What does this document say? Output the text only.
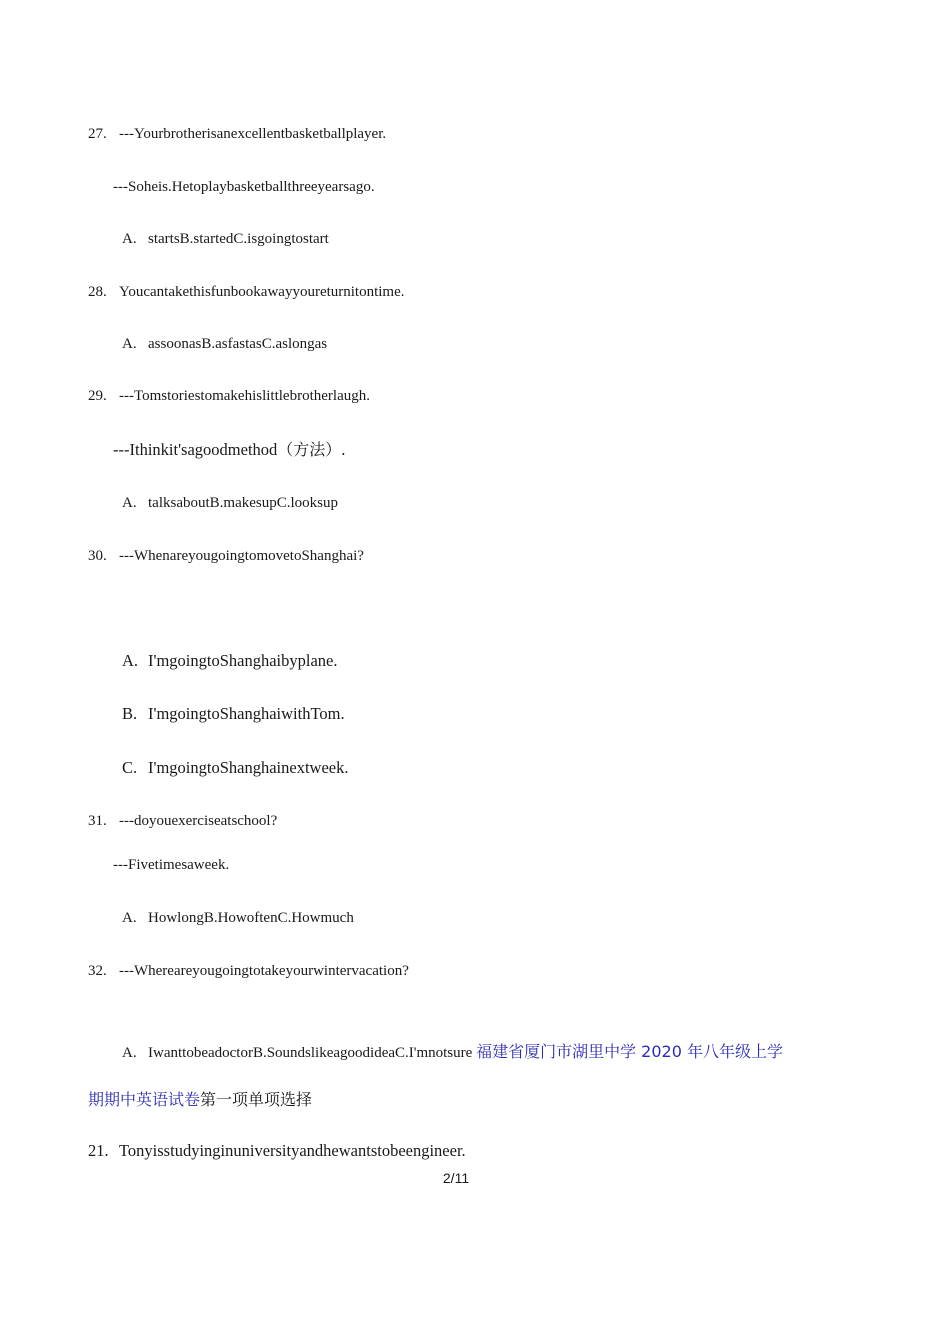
27. ---Yourbrotherisanexcellentbasketballplayer.
---Soheis.Hetoplaybasketballthreeyearsago.
A. startsB.startedC.isgoingtostart
28. Youcantakethisfunbookawayyoureturnitontime.
A. assoonasB.asfastasC.aslongas
29. ---Tomstoriestomakehislittlebrotherlaugh.
---Ithinkit'sagoodmethod（方法）.
A. talksaboutB.makesupC.looksup
30. ---WhenareyougoingtomovetoShanghai?
A. I'mgoingtoShanghaibyplane.
B. I'mgoingtoShanghaiwithTom.
C. I'mgoingtoShanghainextweek.
31. ---doyouexerciseatschool?
---Fivetimesaweek.
A. HowlongB.HowoftenC.Howmuch
32. ---Whereareyougoingtotakeyourwintervacation?
A. IwanttobeadoctorB.SoundslikeagoodideaC.I'mnotsure 福建省厦门市湖里中学 2020 年八年级上学
期期中英语试卷第一项单项选择
21. Tonyisstudyinginuniversityandhewantstobeengineer.
2/11
